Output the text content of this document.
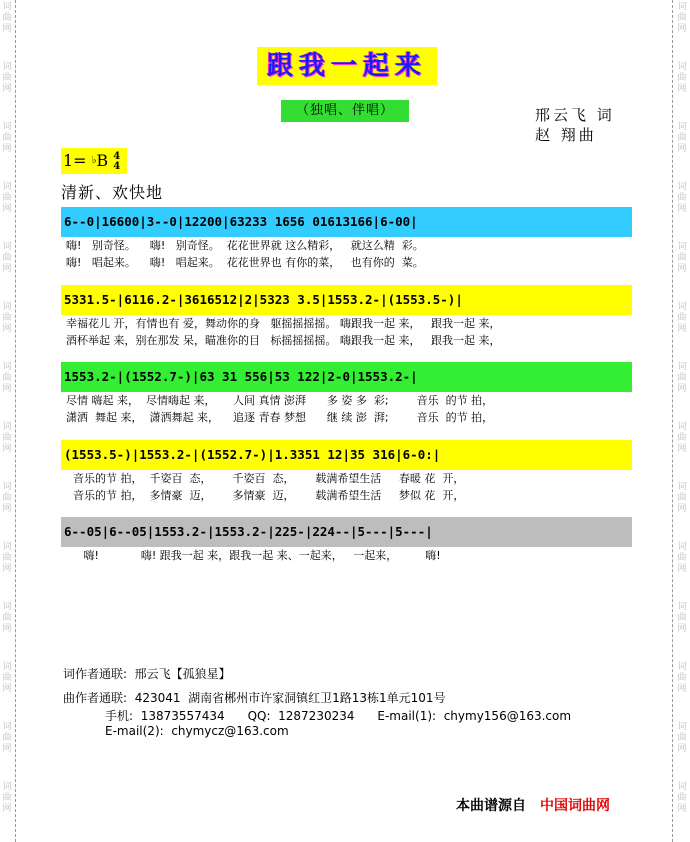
词
曲
网
词
曲
网
词
曲
网
词
曲
网
词
曲
网
词
曲
网
词
曲
网
词
曲
网
词
曲
网
词
曲
网
词
曲
网
词
曲
网
词
曲
网
词
曲
网
词
曲
网
词
曲
网
词
曲
网
词
曲
网
词
曲
网
词
曲
网
词
曲
网
词
曲
网
词
曲
网
词
曲
网
词
曲
网
词
曲
网
词
曲
网
词
曲
网
跟我一起来
（独唱、伴唱）	邢云飞 词
赵 翔曲
1= ♭B 4
4
清新、欢快地
6--0|16600|3--0|12200|63233 1656 01613166|6-00|
嗨!   别奇怪。    嗨!   别奇怪。  花花世界就 这么精彩，   就这么精  彩。
嗨!   唱起来。    嗨!   唱起来。  花花世界也 有你的菜，   也有你的  菜。
5331.5-|6116.2-|3616512|2|5323 3.5|1553.2-|(1553.5-)|
幸福花儿 开，有情也有 爱，舞动你的身   躯摇摇摇摇。 嗨跟我一起 来，   跟我一起 来，
酒杯举起 来，别在那发 呆，瞄准你的目   标摇摇摇摇。 嗨跟我一起 来，   跟我一起 来，
1553.2-|(1552.7-)|63 31 556|53 122|2-0|1553.2-|
尽情 嗨起 来，  尽情嗨起 来，     人间 真情 澎湃      多 姿 多  彩;        音乐  的节 拍，
潇洒  舞起 来，  潇洒舞起 来，    追逐 青春 梦想      继 续 澎  湃;        音乐  的节 拍，
(1553.5-)|1553.2-|(1552.7-)|1.3351 12|35 316|6-0:|
音乐的节 拍，  千姿百  态，      千姿百  态，      载满希望生活     春暖 花  开，
音乐的节 拍，  多情豪  迈，      多情豪  迈，      载满希望生活     梦似 花  开，
6--05|6--05|1553.2-|1553.2-|225-|224--|5---|5---|
嗨!            嗨! 跟我一起 来，跟我一起 来、一起来，   一起来，        嗨!
词作者通联:  邢云飞【孤狼星】
曲作者通联: 423041  湖南省郴州市许家洞镇红卫1路13栋1单元101号
手机: 13873557434 QQ: 1287230234 E-mail(1): chymy156@163.com
E-mail(2): chymycz@163.com
本曲谱源自 中国词曲网
